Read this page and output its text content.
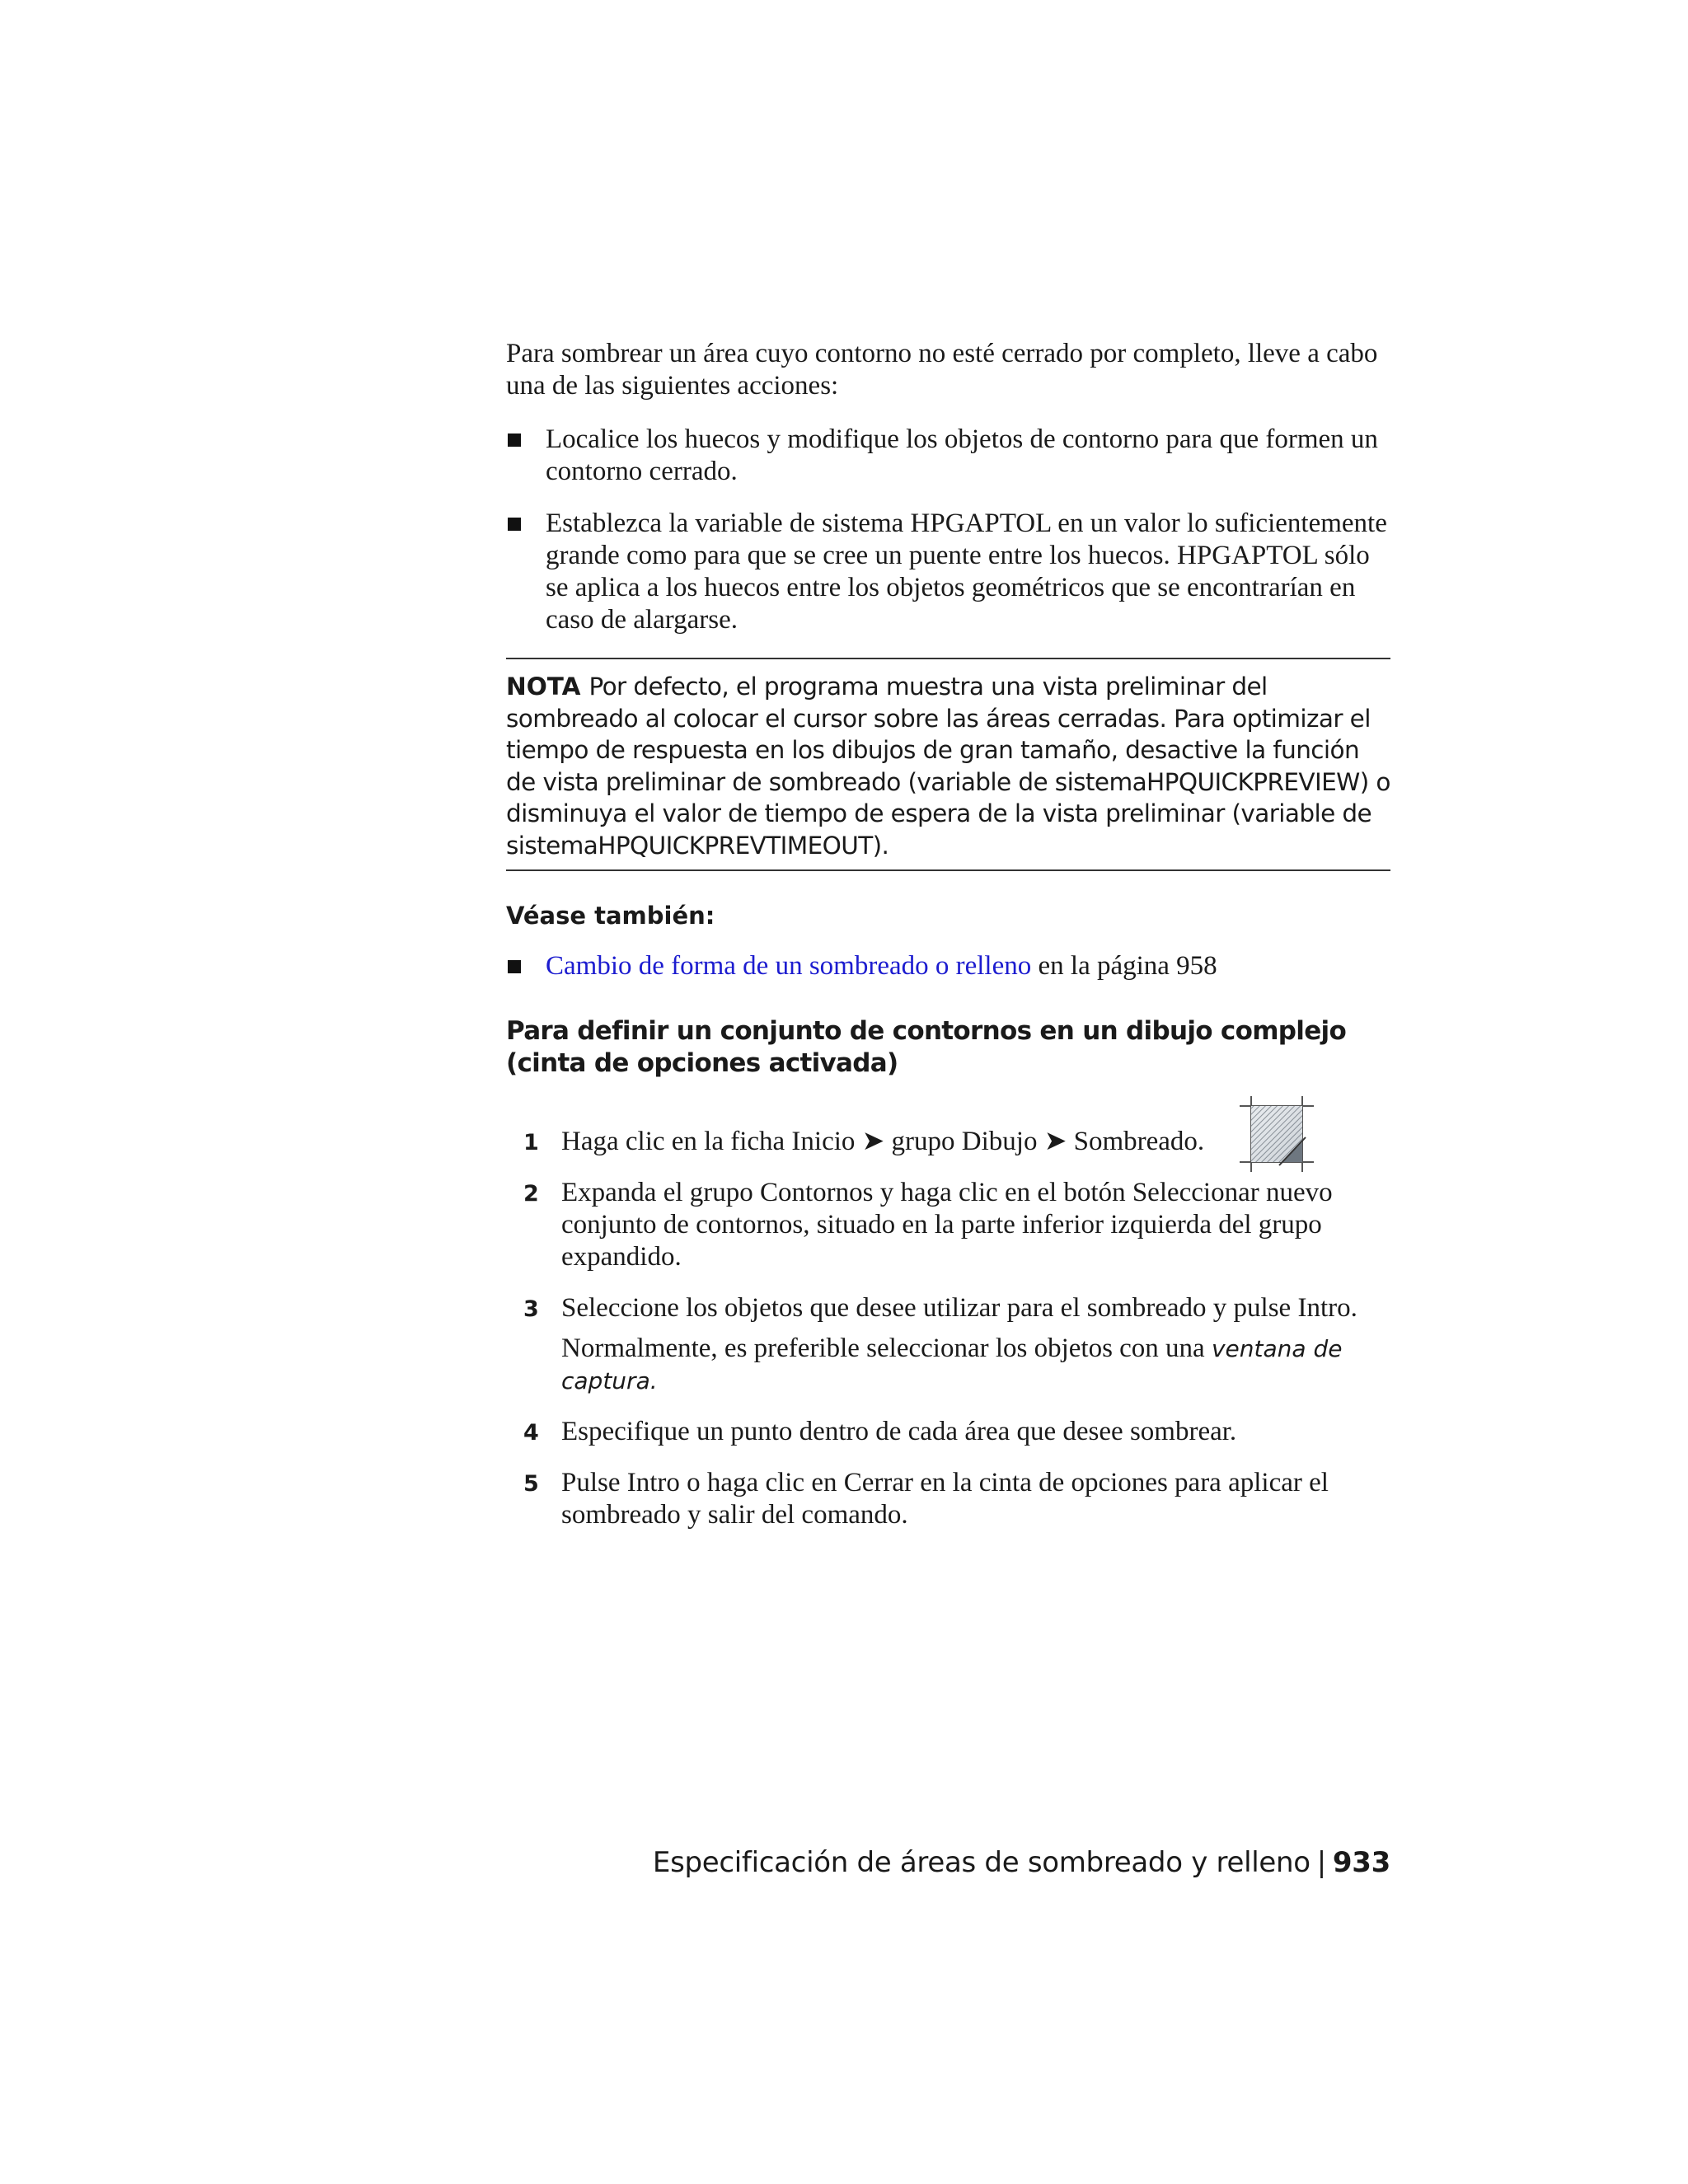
Para sombrear un área cuyo contorno no esté cerrado por completo, lleve a cabo una de las siguientes acciones:

Localice los huecos y modifique los objetos de contorno para que formen un contorno cerrado.
Establezca la variable de sistema HPGAPTOL en un valor lo suficientemente grande como para que se cree un puente entre los huecos. HPGAPTOL sólo se aplica a los huecos entre los objetos geométricos que se encontrarían en caso de alargarse.
NOTA Por defecto, el programa muestra una vista preliminar del sombreado al colocar el cursor sobre las áreas cerradas. Para optimizar el tiempo de respuesta en los dibujos de gran tamaño, desactive la función de vista preliminar de sombreado (variable de sistemaHPQUICKPREVIEW) o disminuya el valor de tiempo de espera de la vista preliminar (variable de sistemaHPQUICKPREVTIMEOUT).
Véase también:
Cambio de forma de un sombreado o relleno en la página 958
Para definir un conjunto de contornos en un dibujo complejo (cinta de opciones activada)
1 Haga clic en la ficha Inicio ➤ grupo Dibujo ➤ Sombreado.
2 Expanda el grupo Contornos y haga clic en el botón Seleccionar nuevo conjunto de contornos, situado en la parte inferior izquierda del grupo expandido.
3 Seleccione los objetos que desee utilizar para el sombreado y pulse Intro.

Normalmente, es preferible seleccionar los objetos con una ventana de captura.

4 Especifique un punto dentro de cada área que desee sombrear.
5 Pulse Intro o haga clic en Cerrar en la cinta de opciones para aplicar el sombreado y salir del comando.
Especificación de áreas de sombreado y relleno | 933
